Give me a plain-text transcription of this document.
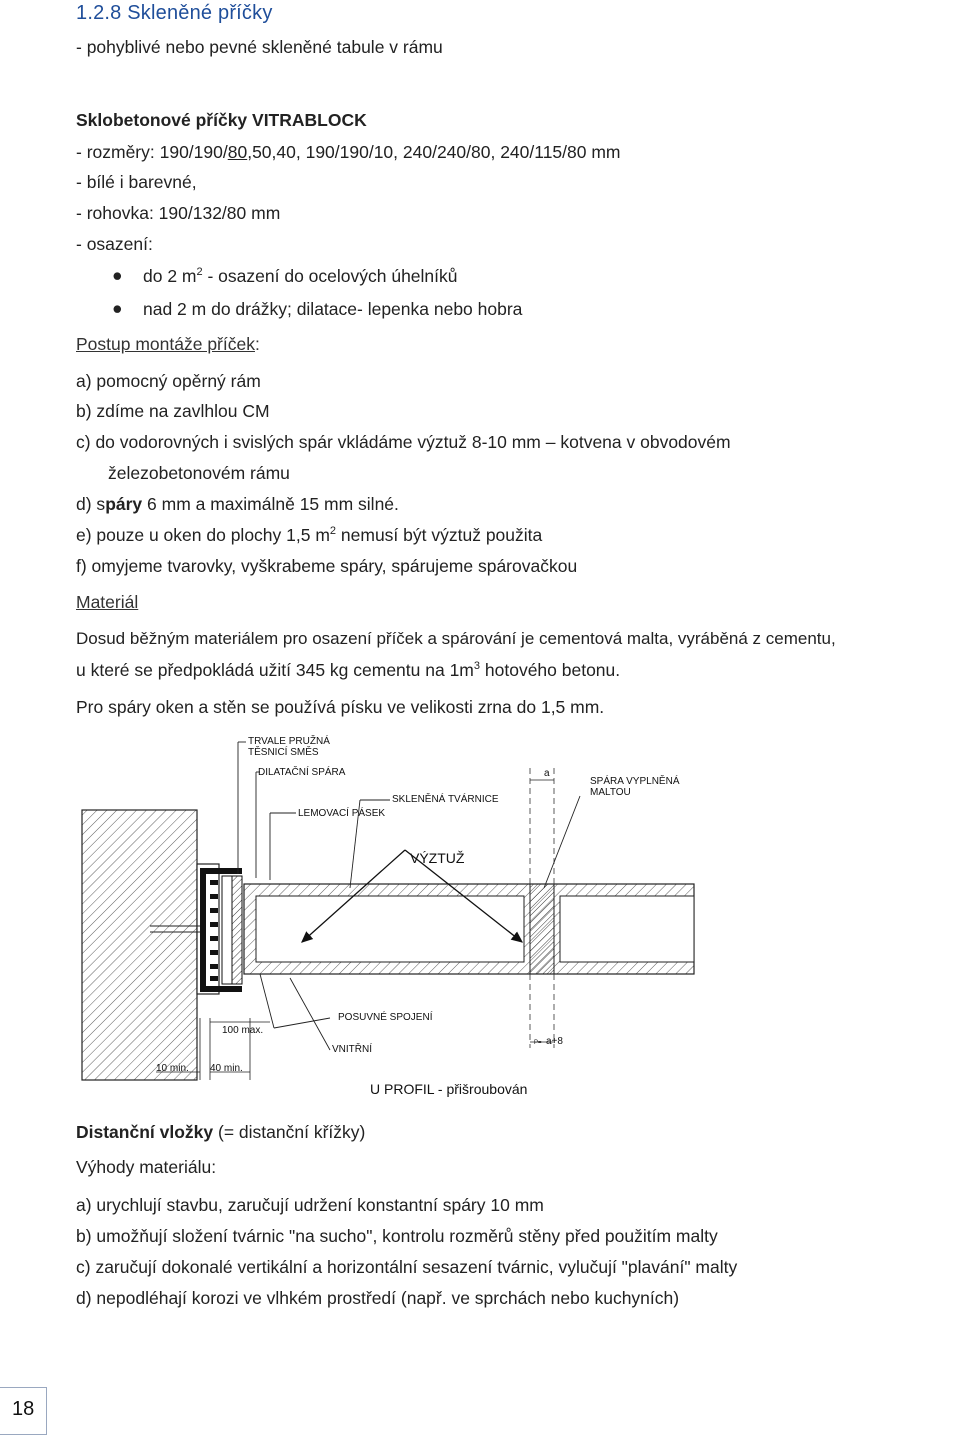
1.2.8 Skleněné příčky
- pohyblivé nebo pevné skleněné tabule v rámu
Sklobetonové příčky VITRABLOCK
- rozměry: 190/190/80,50,40, 190/190/10, 240/240/80, 240/115/80 mm
- bílé i barevné,
- rohovka: 190/132/80 mm
- osazení:
● do 2 $m^2$ - osazení do ocelových úhelníků
● nad 2 m do drážky; dilatace- lepenka nebo hobra
Postup montáže příček:
a) pomocný opěrný rám
b) zdíme na zavlhlou CM
c) do vodorovných i svislých spár vkládáme výztuž 8-10 mm – kotvena v obvodovém
železobetonovém rámu
d) spáry 6 mm a maximálně 15 mm silné.
e) pouze u oken do plochy 1,5 $m^2$ nemusí být výztuž použita
f) omyjeme tvarovky, vyškrabeme spáry, spárujeme spárovačkou
Materiál
Dosud běžným materiálem pro osazení příček a spárování je cementová malta, vyráběná z cementu,
u které se předpokládá užití 345 kg cementu na $1m^3$ hotového betonu.
Pro spáry oken a stěn se používá písku ve velikosti zrna do 1,5 mm.
TRVALE PRUŽNÁ
TĚSNICÍ SMĚS
DILATAČNÍ SPÁRA
LEMOVACÍ PÁSEK
SKLENĚNÁ TVÁRNICE
a
SPÁRA VYPLNĚNÁ
MALTOU
VÝZTUŽ
POSUVNÉ SPOJENÍ
VNITŘNÍ
100 max.
10 min. 40 min.
P= a+8
U PROFIL - přišroubován
Distanční vložky (= distanční křížky)
Výhody materiálu:
a) urychlují stavbu, zaručují udržení konstantní spáry 10 mm
b) umožňují složení tvárnic "na sucho", kontrolu rozměrů stěny před použitím malty
c) zaručují dokonalé vertikální a horizontální sesazení tvárnic, vylučují "plavání" malty
d) nepodléhají korozi ve vlhkém prostředí (např. ve sprchách nebo kuchyních)
18
